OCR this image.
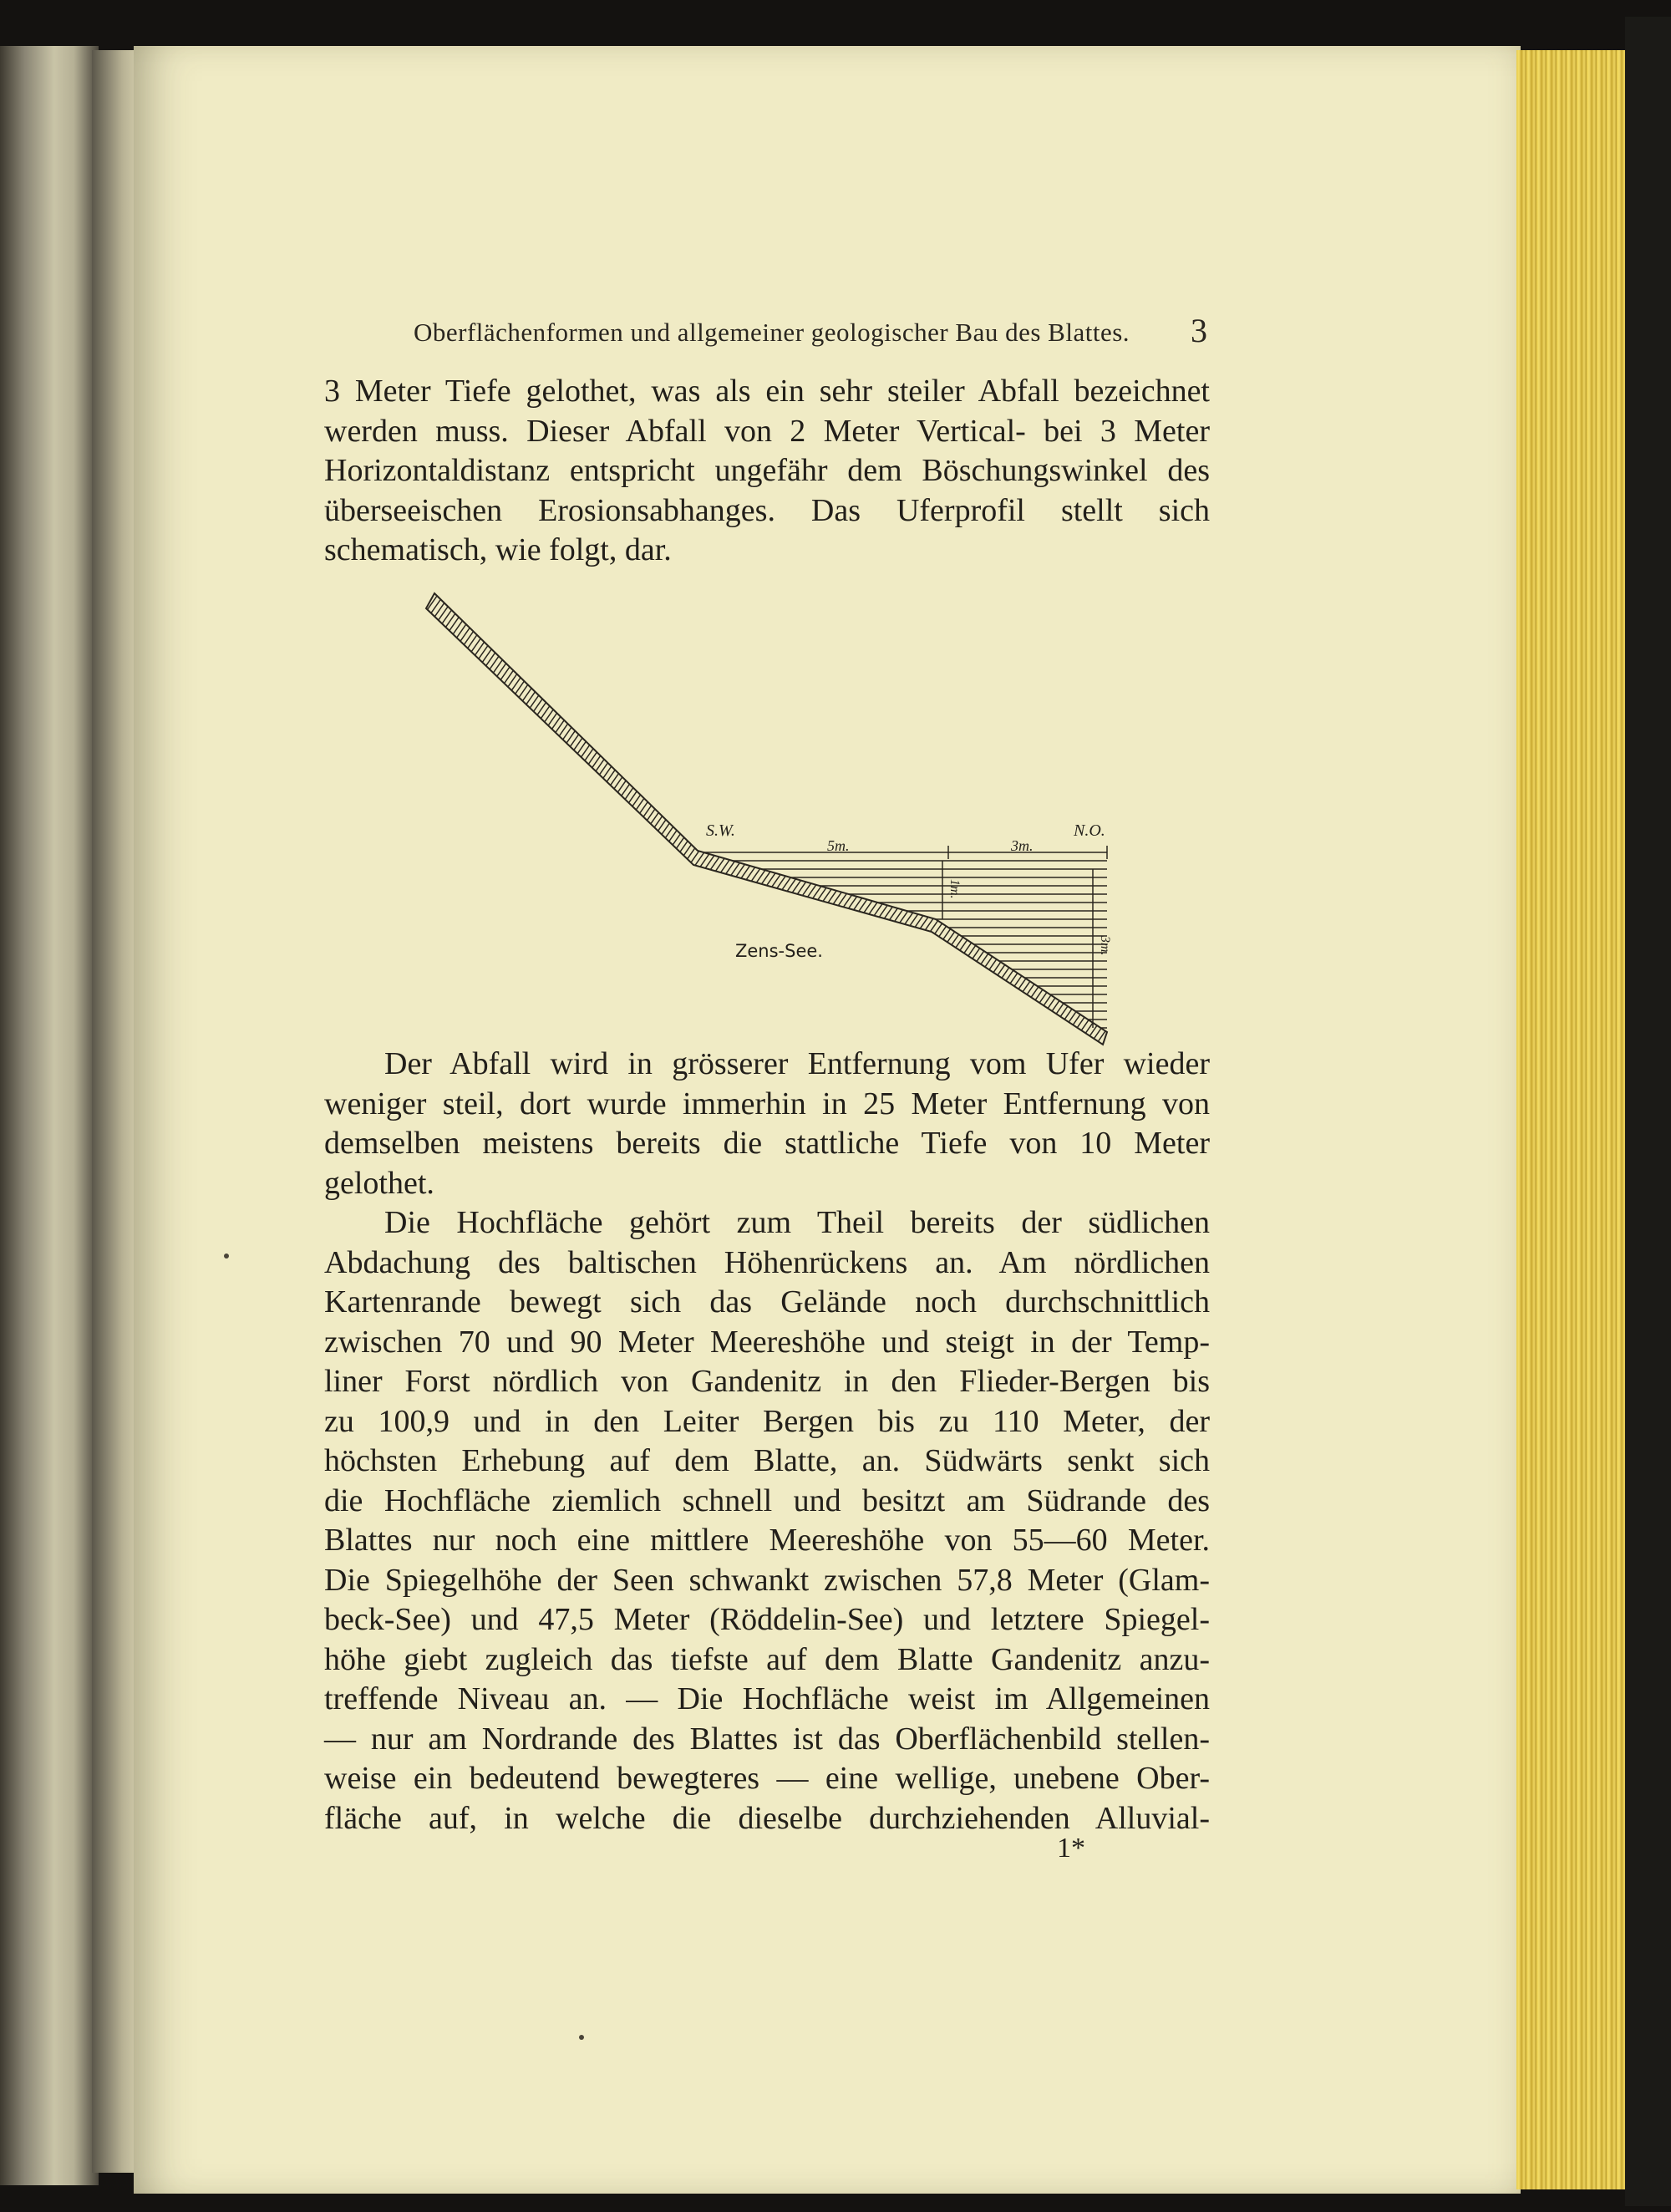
Oberflächenformen und allgemeiner geologischer Bau des Blattes.	3
3 Meter Tiefe gelothet, was als ein sehr steiler Abfall bezeichnet
werden muss. Dieser Abfall von 2 Meter Vertical- bei 3 Meter
Horizontaldistanz entspricht ungefähr dem Böschungswinkel des
überseeischen Erosionsabhanges. Das Uferprofil stellt sich
schematisch, wie folgt, dar.
S.W.	N.O.
5m.	3m.
1m.
3m.
Zens-See.
Der Abfall wird in grösserer Entfernung vom Ufer wieder
weniger steil, dort wurde immerhin in 25 Meter Entfernung von
demselben meistens bereits die stattliche Tiefe von 10 Meter
gelothet.
Die Hochfläche gehört zum Theil bereits der südlichen
Abdachung des baltischen Höhenrückens an. Am nördlichen
Kartenrande bewegt sich das Gelände noch durchschnittlich
zwischen 70 und 90 Meter Meereshöhe und steigt in der Temp-
liner Forst nördlich von Gandenitz in den Flieder-Bergen bis
zu 100,9 und in den Leiter Bergen bis zu 110 Meter, der
höchsten Erhebung auf dem Blatte, an. Südwärts senkt sich
die Hochfläche ziemlich schnell und besitzt am Südrande des
Blattes nur noch eine mittlere Meereshöhe von 55—60 Meter.
Die Spiegelhöhe der Seen schwankt zwischen 57,8 Meter (Glam-
beck-See) und 47,5 Meter (Röddelin-See) und letztere Spiegel-
höhe giebt zugleich das tiefste auf dem Blatte Gandenitz anzu-
treffende Niveau an. — Die Hochfläche weist im Allgemeinen
— nur am Nordrande des Blattes ist das Oberflächenbild stellen-
weise ein bedeutend bewegteres — eine wellige, unebene Ober-
fläche auf, in welche die dieselbe durchziehenden Alluvial-
1*
